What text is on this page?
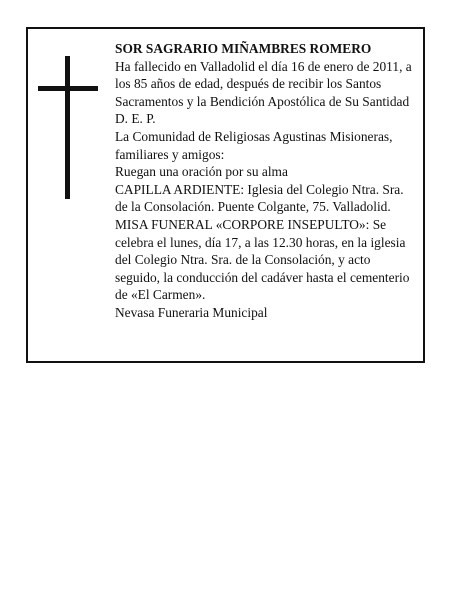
SOR SAGRARIO MIÑAMBRES ROMERO
Ha fallecido en Valladolid el día 16 de enero de 2011, a
los 85 años de edad, después de recibir los Santos
Sacramentos y la Bendición Apostólica de Su Santidad
D. E. P.
La Comunidad de Religiosas Agustinas Misioneras,
familiares y amigos:
Ruegan una oración por su alma
CAPILLA ARDIENTE: Iglesia del Colegio Ntra. Sra.
de la Consolación. Puente Colgante, 75. Valladolid.
MISA FUNERAL «CORPORE INSEPULTO»: Se
celebra el lunes, día 17, a las 12.30 horas, en la iglesia
del Colegio Ntra. Sra. de la Consolación, y acto
seguido, la conducción del cadáver hasta el cementerio
de «El Carmen».
Nevasa Funeraria Municipal
